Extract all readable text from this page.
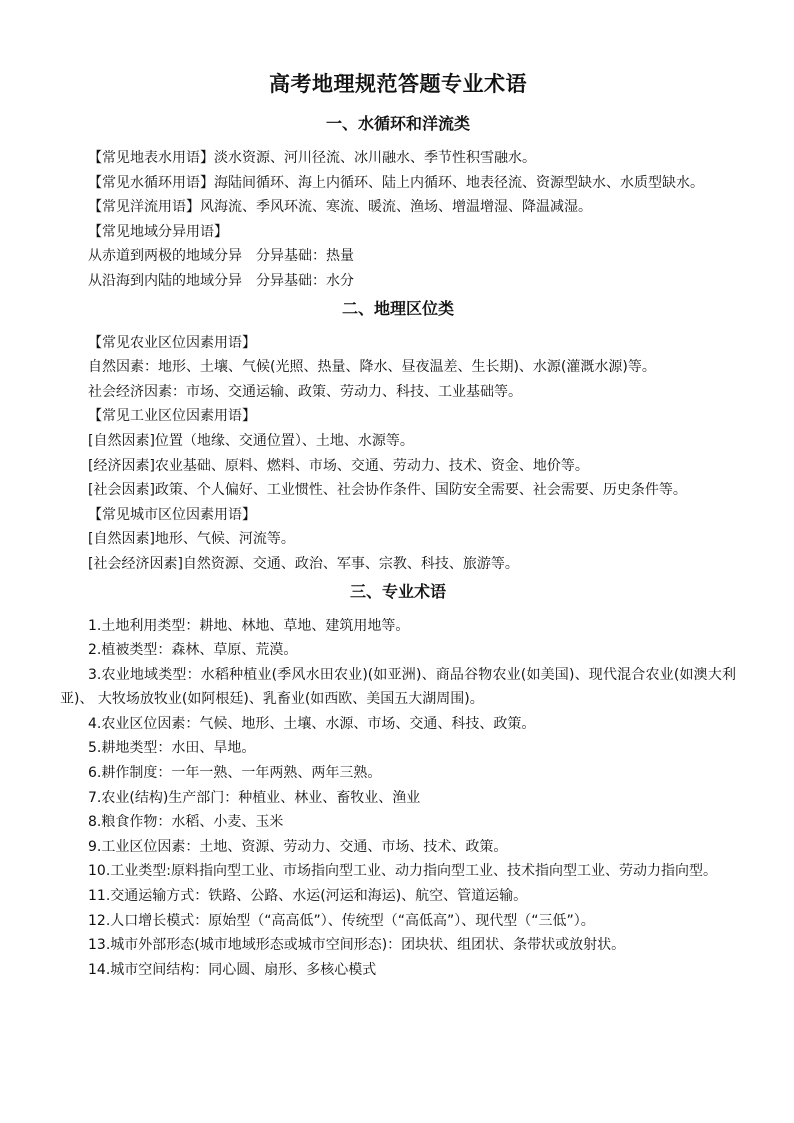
高考地理规范答题专业术语
一、水循环和洋流类

【常见地表水用语】淡水资源、河川径流、冰川融水、季节性积雪融水。

【常见水循环用语】海陆间循环、海上内循环、陆上内循环、地表径流、资源型缺水、水质型缺水。

【常见洋流用语】风海流、季风环流、寒流、暖流、渔场、增温增湿、降温减湿。

【常见地域分异用语】

从赤道到两极的地域分异　分异基础：热量

从沿海到内陆的地域分异　分异基础：水分

二、地理区位类

【常见农业区位因素用语】

自然因素：地形、土壤、气候(光照、热量、降水、昼夜温差、生长期)、水源(灌溉水源)等。

社会经济因素：市场、交通运输、政策、劳动力、科技、工业基础等。

【常见工业区位因素用语】

[自然因素]位置（地缘、交通位置）、土地、水源等。

[经济因素]农业基础、原料、燃料、市场、交通、劳动力、技术、资金、地价等。

[社会因素]政策、个人偏好、工业惯性、社会协作条件、国防安全需要、社会需要、历史条件等。

【常见城市区位因素用语】

[自然因素]地形、气候、河流等。

[社会经济因素]自然资源、交通、政治、军事、宗教、科技、旅游等。

三、专业术语

1.土地利用类型：耕地、林地、草地、建筑用地等。

2.植被类型：森林、草原、荒漠。

3.农业地域类型：水稻种植业(季风水田农业)(如亚洲)、商品谷物农业(如美国)、现代混合农业(如澳大利亚)、 大牧场放牧业(如阿根廷)、乳畜业(如西欧、美国五大湖周围)。

4.农业区位因素：气候、地形、土壤、水源、市场、交通、科技、政策。

5.耕地类型：水田、旱地。

6.耕作制度：一年一熟、一年两熟、两年三熟。

7.农业(结构)生产部门：种植业、林业、畜牧业、渔业

8.粮食作物：水稻、小麦、玉米

9.工业区位因素：土地、资源、劳动力、交通、市场、技术、政策。

10.工业类型:原料指向型工业、市场指向型工业、动力指向型工业、技术指向型工业、劳动力指向型。

11.交通运输方式：铁路、公路、水运(河运和海运)、航空、管道运输。

12.人口增长模式：原始型（“高高低”）、传统型（“高低高”）、现代型（“三低”）。

13.城市外部形态(城市地域形态或城市空间形态)：团块状、组团状、条带状或放射状。

14.城市空间结构：同心圆、扇形、多核心模式
